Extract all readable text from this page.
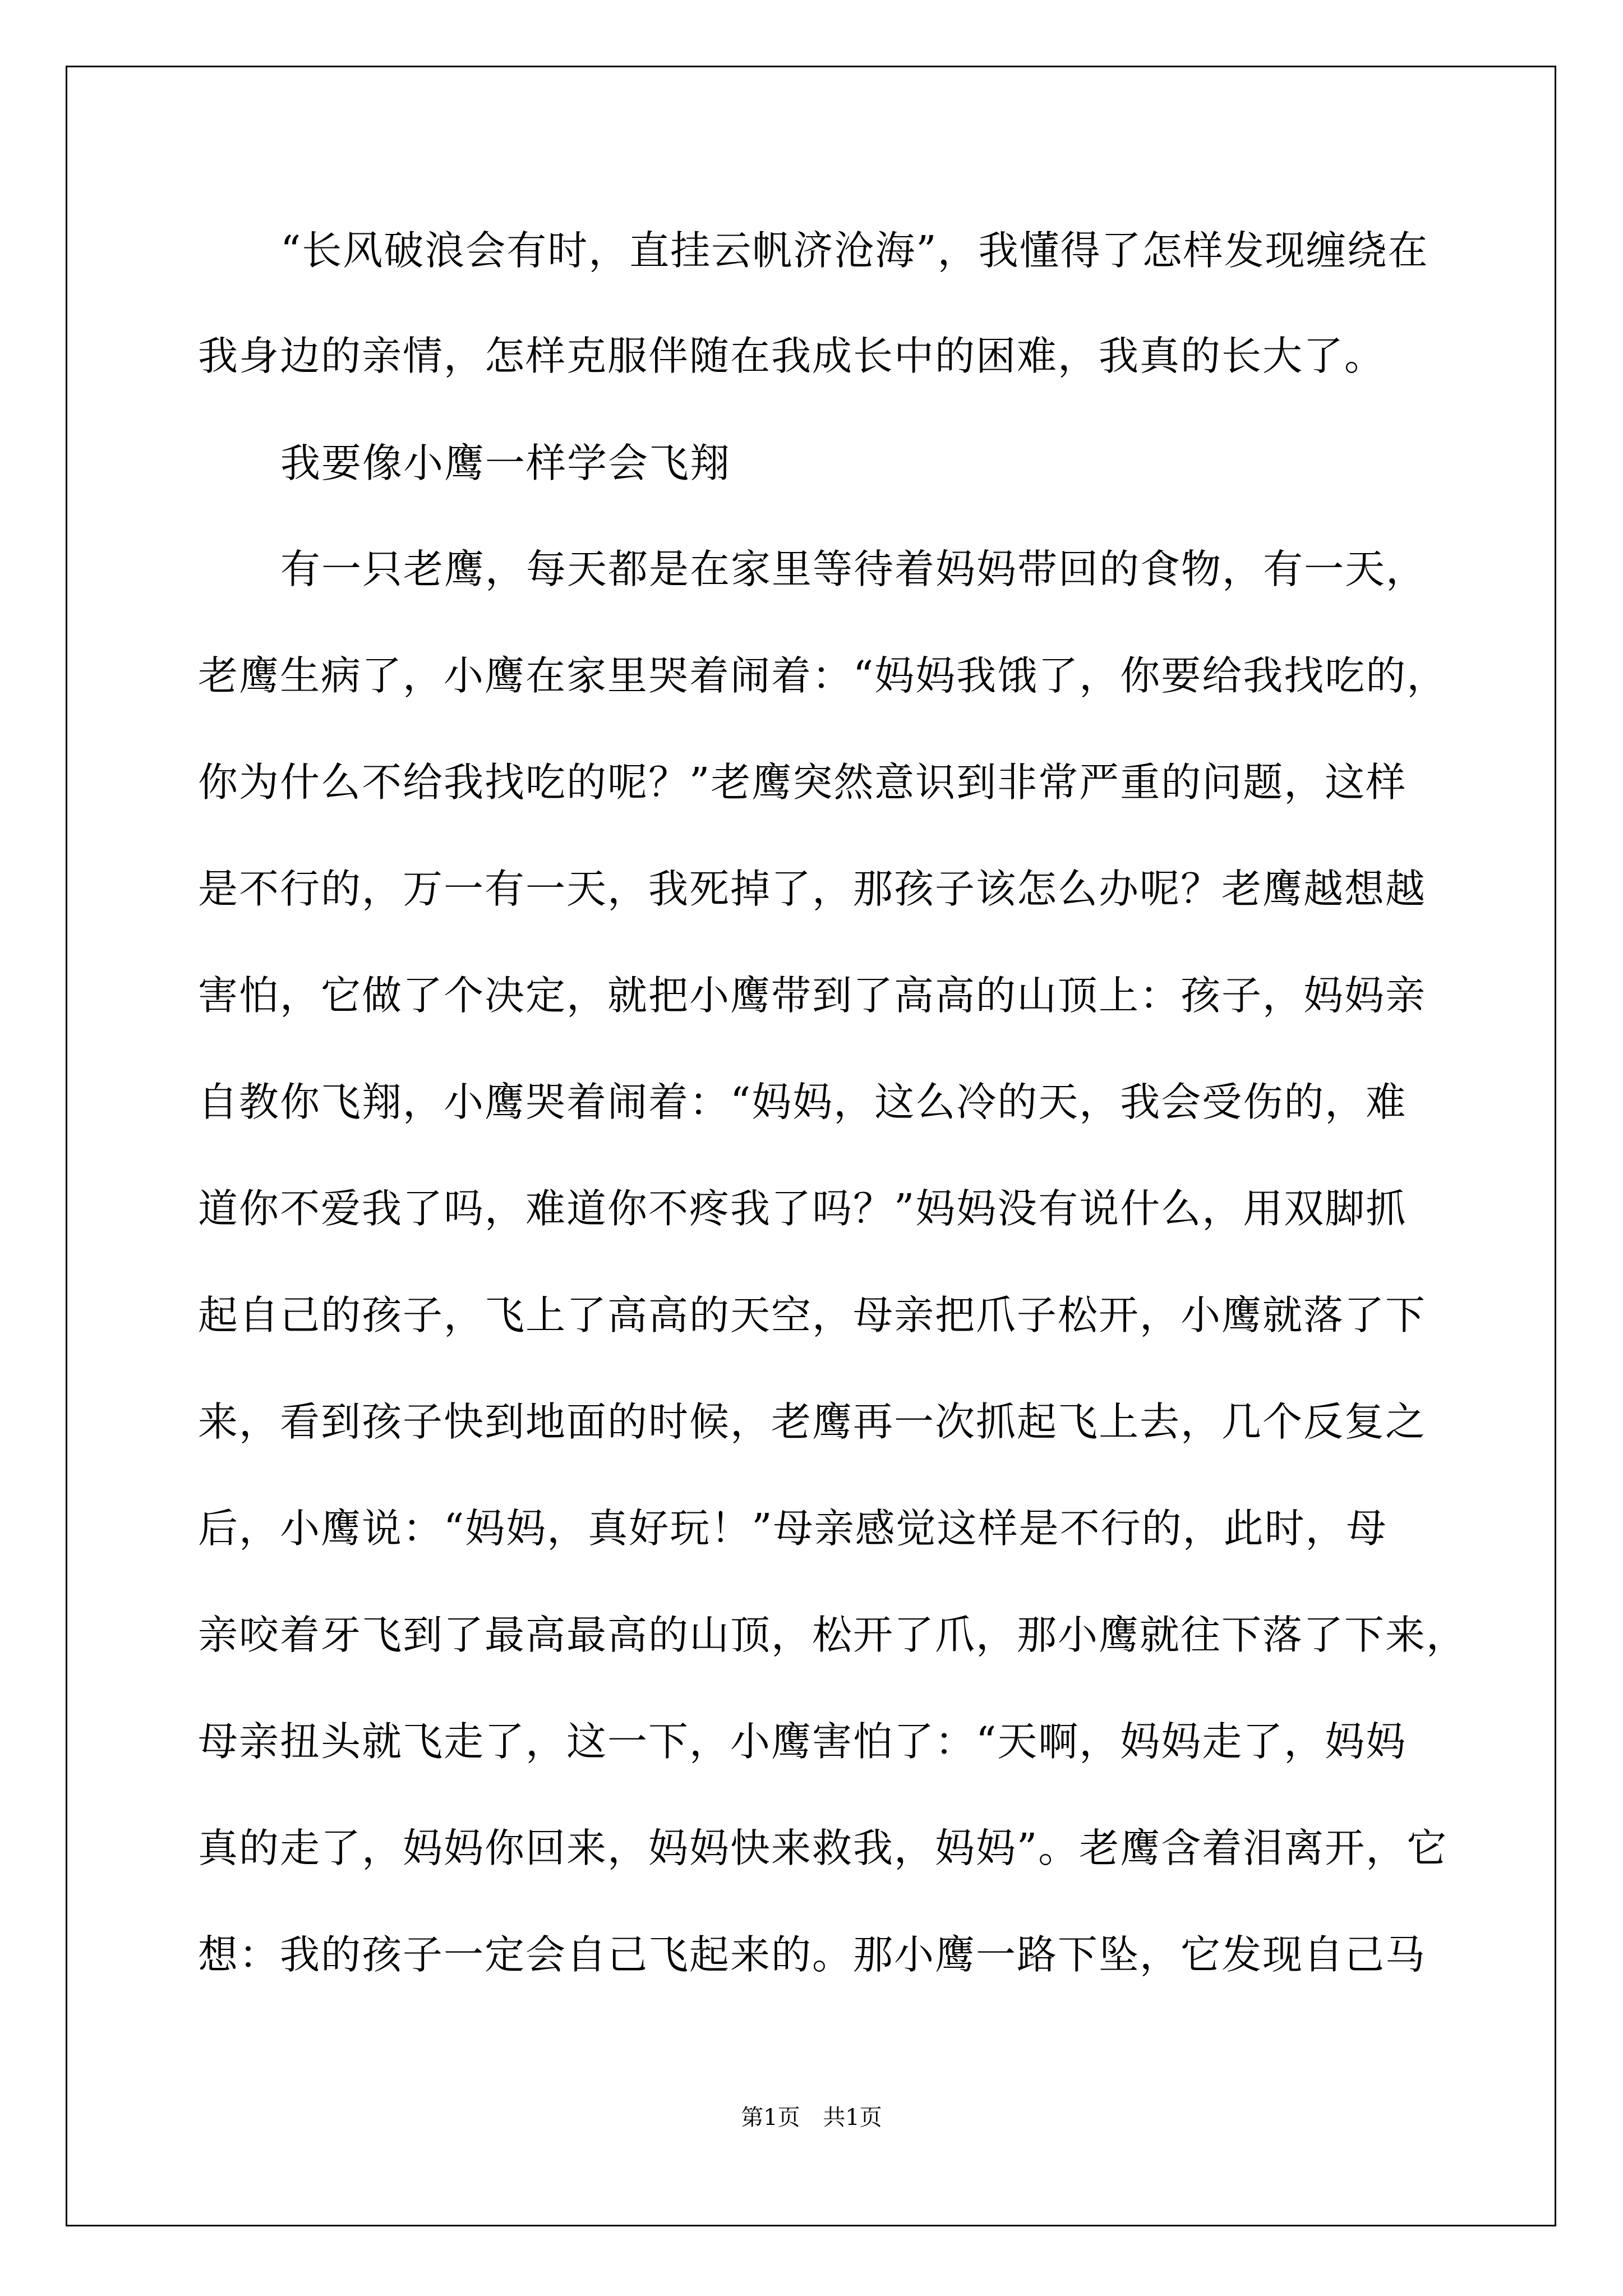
“长风破浪会有时，直挂云帆济沧海”，我懂得了怎样发现缠绕在
我身边的亲情，怎样克服伴随在我成长中的困难，我真的长大了。
我要像小鹰一样学会飞翔
有一只老鹰，每天都是在家里等待着妈妈带回的食物，有一天，
老鹰生病了，小鹰在家里哭着闹着：“妈妈我饿了，你要给我找吃的，
你为什么不给我找吃的呢？”老鹰突然意识到非常严重的问题，这样
是不行的，万一有一天，我死掉了，那孩子该怎么办呢？老鹰越想越
害怕，它做了个决定，就把小鹰带到了高高的山顶上：孩子，妈妈亲
自教你飞翔，小鹰哭着闹着：“妈妈，这么冷的天，我会受伤的，难
道你不爱我了吗，难道你不疼我了吗？”妈妈没有说什么，用双脚抓
起自己的孩子，飞上了高高的天空，母亲把爪子松开，小鹰就落了下
来，看到孩子快到地面的时候，老鹰再一次抓起飞上去，几个反复之
后，小鹰说：“妈妈，真好玩！”母亲感觉这样是不行的，此时，母
亲咬着牙飞到了最高最高的山顶，松开了爪，那小鹰就往下落了下来，
母亲扭头就飞走了，这一下，小鹰害怕了：“天啊，妈妈走了，妈妈
真的走了，妈妈你回来，妈妈快来救我，妈妈”。老鹰含着泪离开，它
想：我的孩子一定会自己飞起来的。那小鹰一路下坠，它发现自己马
第1页 共1页
